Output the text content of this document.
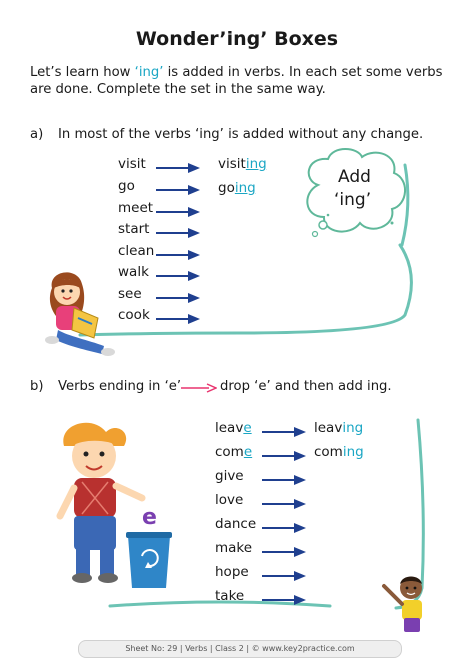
Wonder’ing’ Boxes
Let’s learn how ‘ing’ is added in verbs. In each set some verbs are done. Complete the set in the same way.
a) In most of the verbs ‘ing’ is added without any change.
Add
‘ing’
visit
go
meet
start
clean
walk
see
cook
visiting
going
b) Verbs ending in ‘e’	drop ‘e’ and then add ing.
leave
come
give
love
dance
make
hope
take
leaving
coming
e
Sheet No: 29 | Verbs | Class 2 | © www.key2practice.com
